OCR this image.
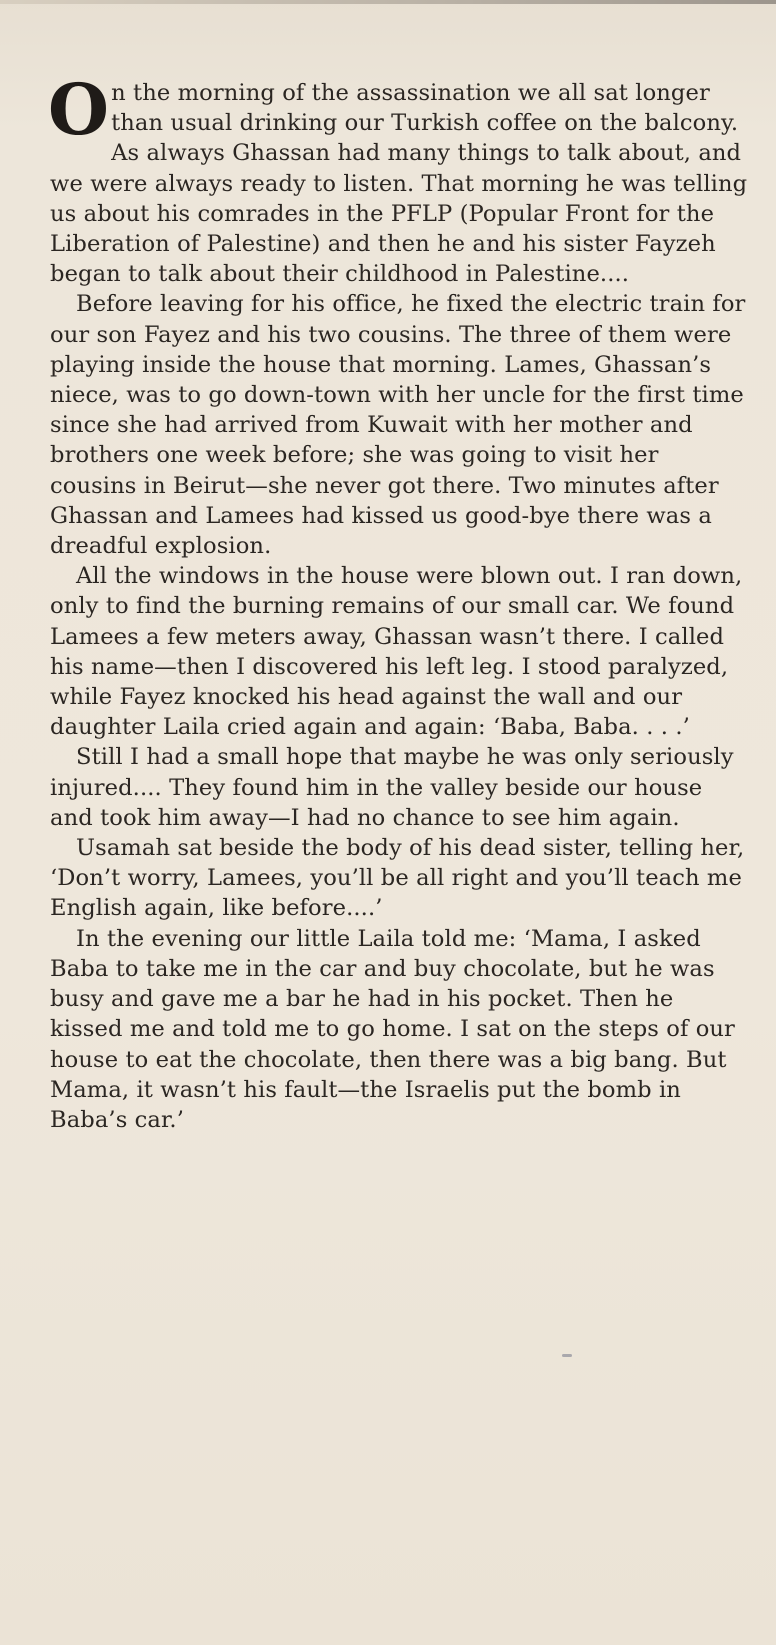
On the morning of the assassination we all sat longer than usual drinking our Turkish coffee on the balcony. As always Ghassan had many things to talk about, and we were always ready to listen. That morning he was telling us about his comrades in the PFLP (Popular Front for the Liberation of Palestine) and then he and his sister Fayzeh began to talk about their childhood in Palestine....

Before leaving for his office, he fixed the electric train for our son Fayez and his two cousins. The three of them were playing inside the house that morning. Lames, Ghassan’s niece, was to go down-town with her uncle for the first time since she had arrived from Kuwait with her mother and brothers one week before; she was going to visit her cousins in Beirut—she never got there. Two minutes after Ghassan and Lamees had kissed us good-bye there was a dreadful explosion.

All the windows in the house were blown out. I ran down, only to find the burning remains of our small car. We found Lamees a few meters away, Ghassan wasn’t there. I called his name—then I discovered his left leg. I stood paralyzed, while Fayez knocked his head against the wall and our daughter Laila cried again and again: ‘Baba, Baba. . . .’

Still I had a small hope that maybe he was only seriously injured.... They found him in the valley beside our house and took him away—I had no chance to see him again.

Usamah sat beside the body of his dead sister, telling her, ‘Don’t worry, Lamees, you’ll be all right and you’ll teach me English again, like before....’

In the evening our little Laila told me: ‘Mama, I asked Baba to take me in the car and buy chocolate, but he was busy and gave me a bar he had in his pocket. Then he kissed me and told me to go home. I sat on the steps of our house to eat the chocolate, then there was a big bang. But Mama, it wasn’t his fault—the Israelis put the bomb in Baba’s car.’
